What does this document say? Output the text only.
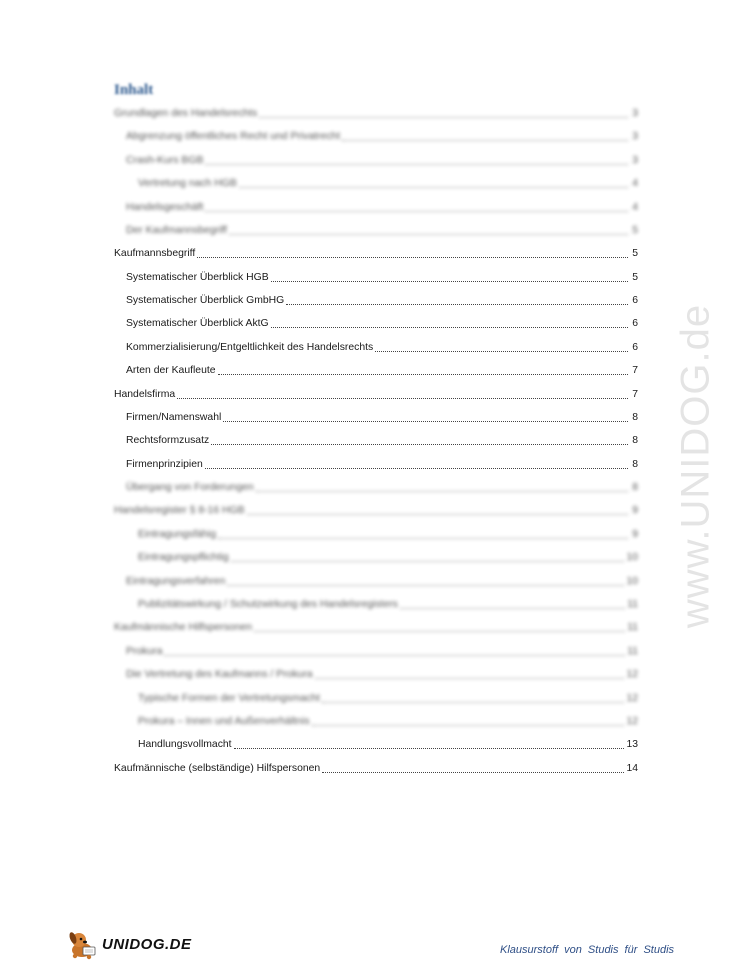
Inhalt
Grundlagen des Handelsrechts	3
Abgrenzung öffentliches Recht und Privatrecht	3
Crash-Kurs BGB	3
Vertretung nach HGB	4
Handelsgeschäft	4
Der Kaufmannsbegriff	5
Kaufmannsbegriff	5
Systematischer Überblick HGB	5
Systematischer Überblick GmbHG	6
Systematischer Überblick AktG	6
Kommerzialisierung/Entgeltlichkeit des Handelsrechts	6
Arten der Kaufleute	7
Handelsfirma	7
Firmen/Namenswahl	8
Rechtsformzusatz	8
Firmenprinzipien	8
Übergang von Forderungen	8
Handelsregister § 8-16 HGB	9
Eintragungsfähig	9
Eintragungspflichtig	10
Eintragungsverfahren	10
Publizitätswirkung / Schutzwirkung des Handelsregisters	11
Kaufmännische Hilfspersonen	11
Prokura	11
Die Vertretung des Kaufmanns / Prokura	12
Typische Formen der Vertretungsmacht	12
Prokura – Innen und Außenverhältnis	12
Handlungsvollmacht	13
Kaufmännische (selbständige) Hilfspersonen	14
www.UNIDOG.de
UNIDOG.DE	Klausurstoff von Studis für Studis
